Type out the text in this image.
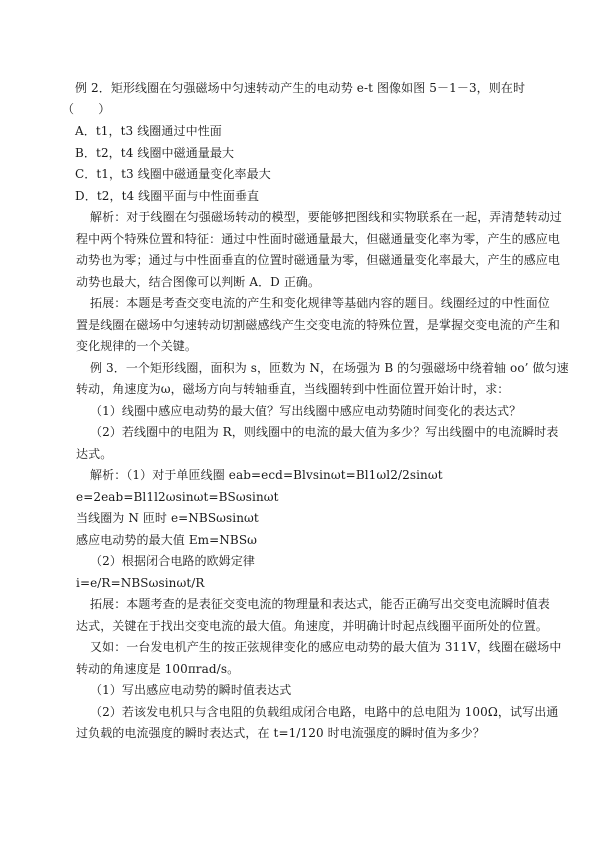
例 2．矩形线圈在匀强磁场中匀速转动产生的电动势 e-t 图像如图 5－1－3，则在时
（　　）
A．t1，t3 线圈通过中性面
B．t2，t4 线圈中磁通量最大
C．t1，t3 线圈中磁通量变化率最大
D．t2，t4 线圈平面与中性面垂直
解析：对于线圈在匀强磁场转动的模型，要能够把图线和实物联系在一起，弄清楚转动过
程中两个特殊位置和特征：通过中性面时磁通量最大，但磁通量变化率为零，产生的感应电
动势也为零；通过与中性面垂直的位置时磁通量为零，但磁通量变化率最大，产生的感应电
动势也最大，结合图像可以判断 A．D 正确。
拓展：本题是考查交变电流的产生和变化规律等基础内容的题目。线圈经过的中性面位
置是线圈在磁场中匀速转动切割磁感线产生交变电流的特殊位置，是掌握交变电流的产生和
变化规律的一个关键。
例 3．一个矩形线圈，面积为 s，匝数为 N，在场强为 B 的匀强磁场中绕着轴 oo’ 做匀速
转动，角速度为ω，磁场方向与转轴垂直，当线圈转到中性面位置开始计时，求：
（1）线圈中感应电动势的最大值？写出线圈中感应电动势随时间变化的表达式？
（2）若线圈中的电阻为 R，则线圈中的电流的最大值为多少？写出线圈中的电流瞬时表
达式。
解析：（1）对于单匝线圈 eab=ecd=Blvsinωt=Bl1ωl2/2sinωt
e=2eab=Bl1l2ωsinωt=BSωsinωt
当线圈为 N 匝时 e=NBSωsinωt
感应电动势的最大值 Em=NBSω
（2）根据闭合电路的欧姆定律
i=e/R=NBSωsinωt/R
拓展：本题考查的是表征交变电流的物理量和表达式，能否正确写出交变电流瞬时值表
达式，关键在于找出交变电流的最大值。角速度，并明确计时起点线圈平面所处的位置。
又如：一台发电机产生的按正弦规律变化的感应电动势的最大值为 311V，线圈在磁场中
转动的角速度是 100πrad/s。
（1）写出感应电动势的瞬时值表达式
（2）若该发电机只与含电阻的负载组成闭合电路，电路中的总电阻为 100Ω，试写出通
过负载的电流强度的瞬时表达式，在 t=1/120 时电流强度的瞬时值为多少？
